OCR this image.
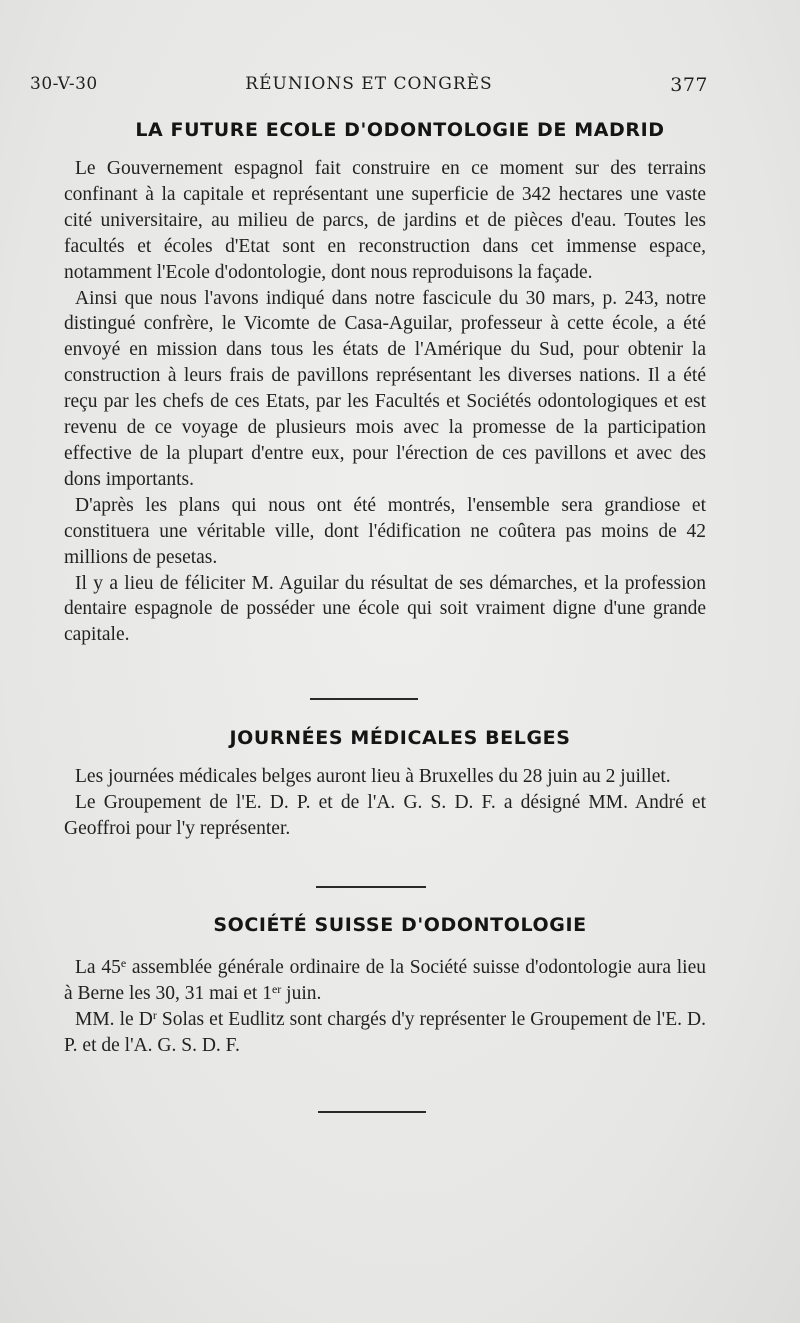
30-V-30	RÉUNIONS ET CONGRÈS	377
LA FUTURE ECOLE D'ODONTOLOGIE DE MADRID

Le Gouvernement espagnol fait construire en ce moment sur des terrains confinant à la capitale et représentant une superficie de 342 hectares une vaste cité universitaire, au milieu de parcs, de jardins et de pièces d'eau. Toutes les facultés et écoles d'Etat sont en reconstruction dans cet immense espace, notamment l'Ecole d'odontologie, dont nous reproduisons la façade.

Ainsi que nous l'avons indiqué dans notre fascicule du 30 mars, p. 243, notre distingué confrère, le Vicomte de Casa-Aguilar, professeur à cette école, a été envoyé en mission dans tous les états de l'Amérique du Sud, pour obtenir la construction à leurs frais de pavillons représentant les diverses nations. Il a été reçu par les chefs de ces Etats, par les Facultés et Sociétés odontologiques et est revenu de ce voyage de plusieurs mois avec la promesse de la participation effective de la plupart d'entre eux, pour l'érection de ces pavillons et avec des dons importants.

D'après les plans qui nous ont été montrés, l'ensemble sera grandiose et constituera une véritable ville, dont l'édification ne coûtera pas moins de 42 millions de pesetas.

Il y a lieu de féliciter M. Aguilar du résultat de ses démarches, et la profession dentaire espagnole de posséder une école qui soit vraiment digne d'une grande capitale.

JOURNÉES MÉDICALES BELGES

Les journées médicales belges auront lieu à Bruxelles du 28 juin au 2 juillet.

Le Groupement de l'E. D. P. et de l'A. G. S. D. F. a désigné MM. André et Geoffroi pour l'y représenter.

SOCIÉTÉ SUISSE D'ODONTOLOGIE

La 45e assemblée générale ordinaire de la Société suisse d'odontologie aura lieu à Berne les 30, 31 mai et 1er juin.

MM. le $D^r$ Solas et Eudlitz sont chargés d'y représenter le Groupement de l'E. D. P. et de l'A. G. S. D. F.
